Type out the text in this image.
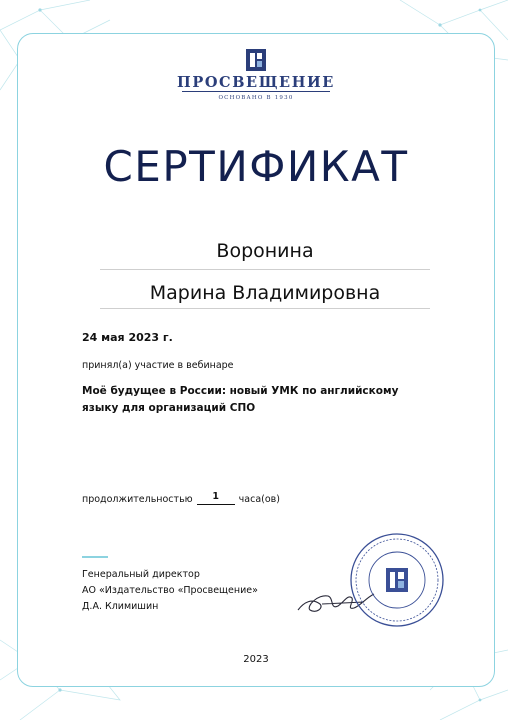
ПРОСВЕЩЕНИЕ
ОСНОВАНО В 1930
СЕРТИФИКАТ
Воронина
Марина Владимировна
24 мая 2023 г.
принял(а) участие в вебинаре
Моё будущее в России: новый УМК по английскому языку для организаций СПО
продолжительностью	1	часа(ов)
Генеральный директор
АО «Издательство «Просвещение»
Д.А. Климишин
2023
